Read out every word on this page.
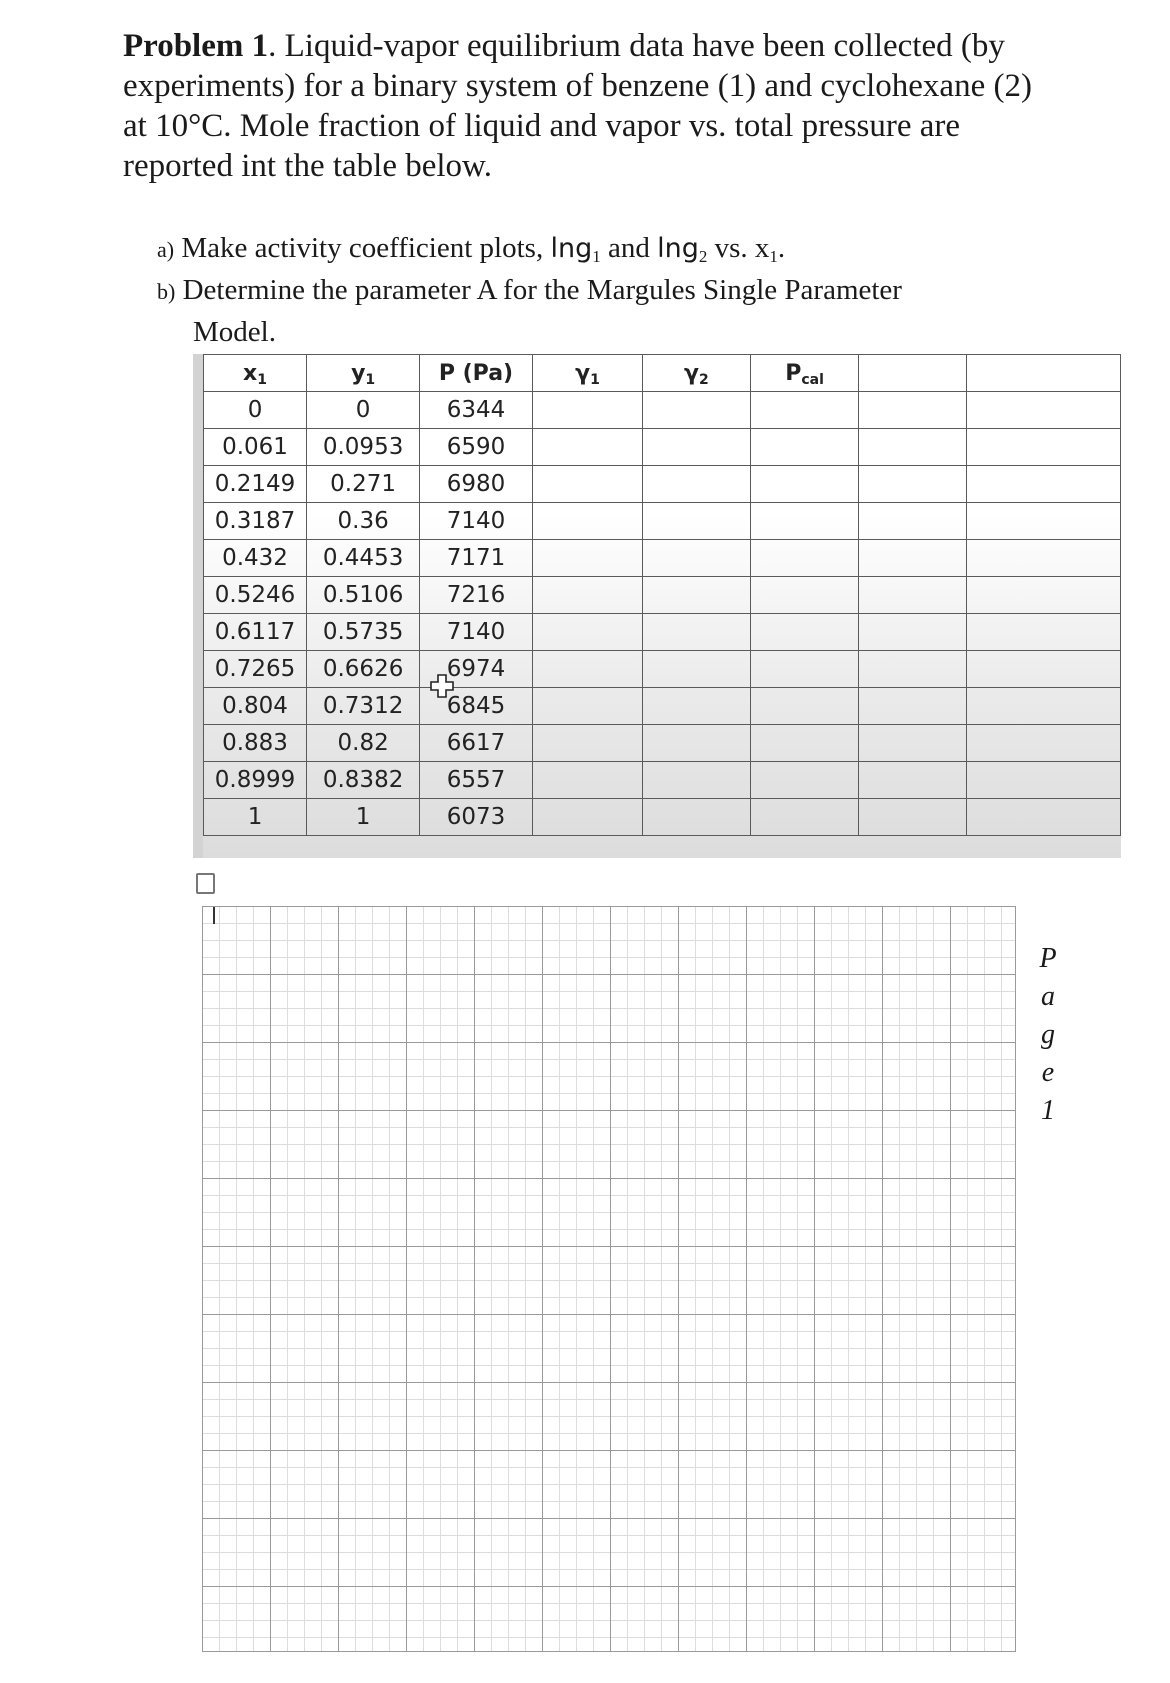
Problem 1. Liquid-vapor equilibrium data have been collected (by experiments) for a binary system of benzene (1) and cyclohexane (2) at 10°C. Mole fraction of liquid and vapor vs. total pressure are reported int the table below.
a) Make activity coefficient plots, lng$_1$ and lng$_2$ vs. $x_1$.
b) Determine the parameter A for the Margules Single Parameter
Model.
$x_1$	$y_1$	P (Pa)	$\gamma_1$	$\gamma_2$	$P_{cal}$		
0	0	6344					
0.061	0.0953	6590					
0.2149	0.271	6980					
0.3187	0.36	7140					
0.432	0.4453	7171					
0.5246	0.5106	7216					
0.6117	0.5735	7140					
0.7265	0.6626	6974					
0.804	0.7312	6845					
0.883	0.82	6617					
0.8999	0.8382	6557					
1	1	6073					
P
a
g
e
1
